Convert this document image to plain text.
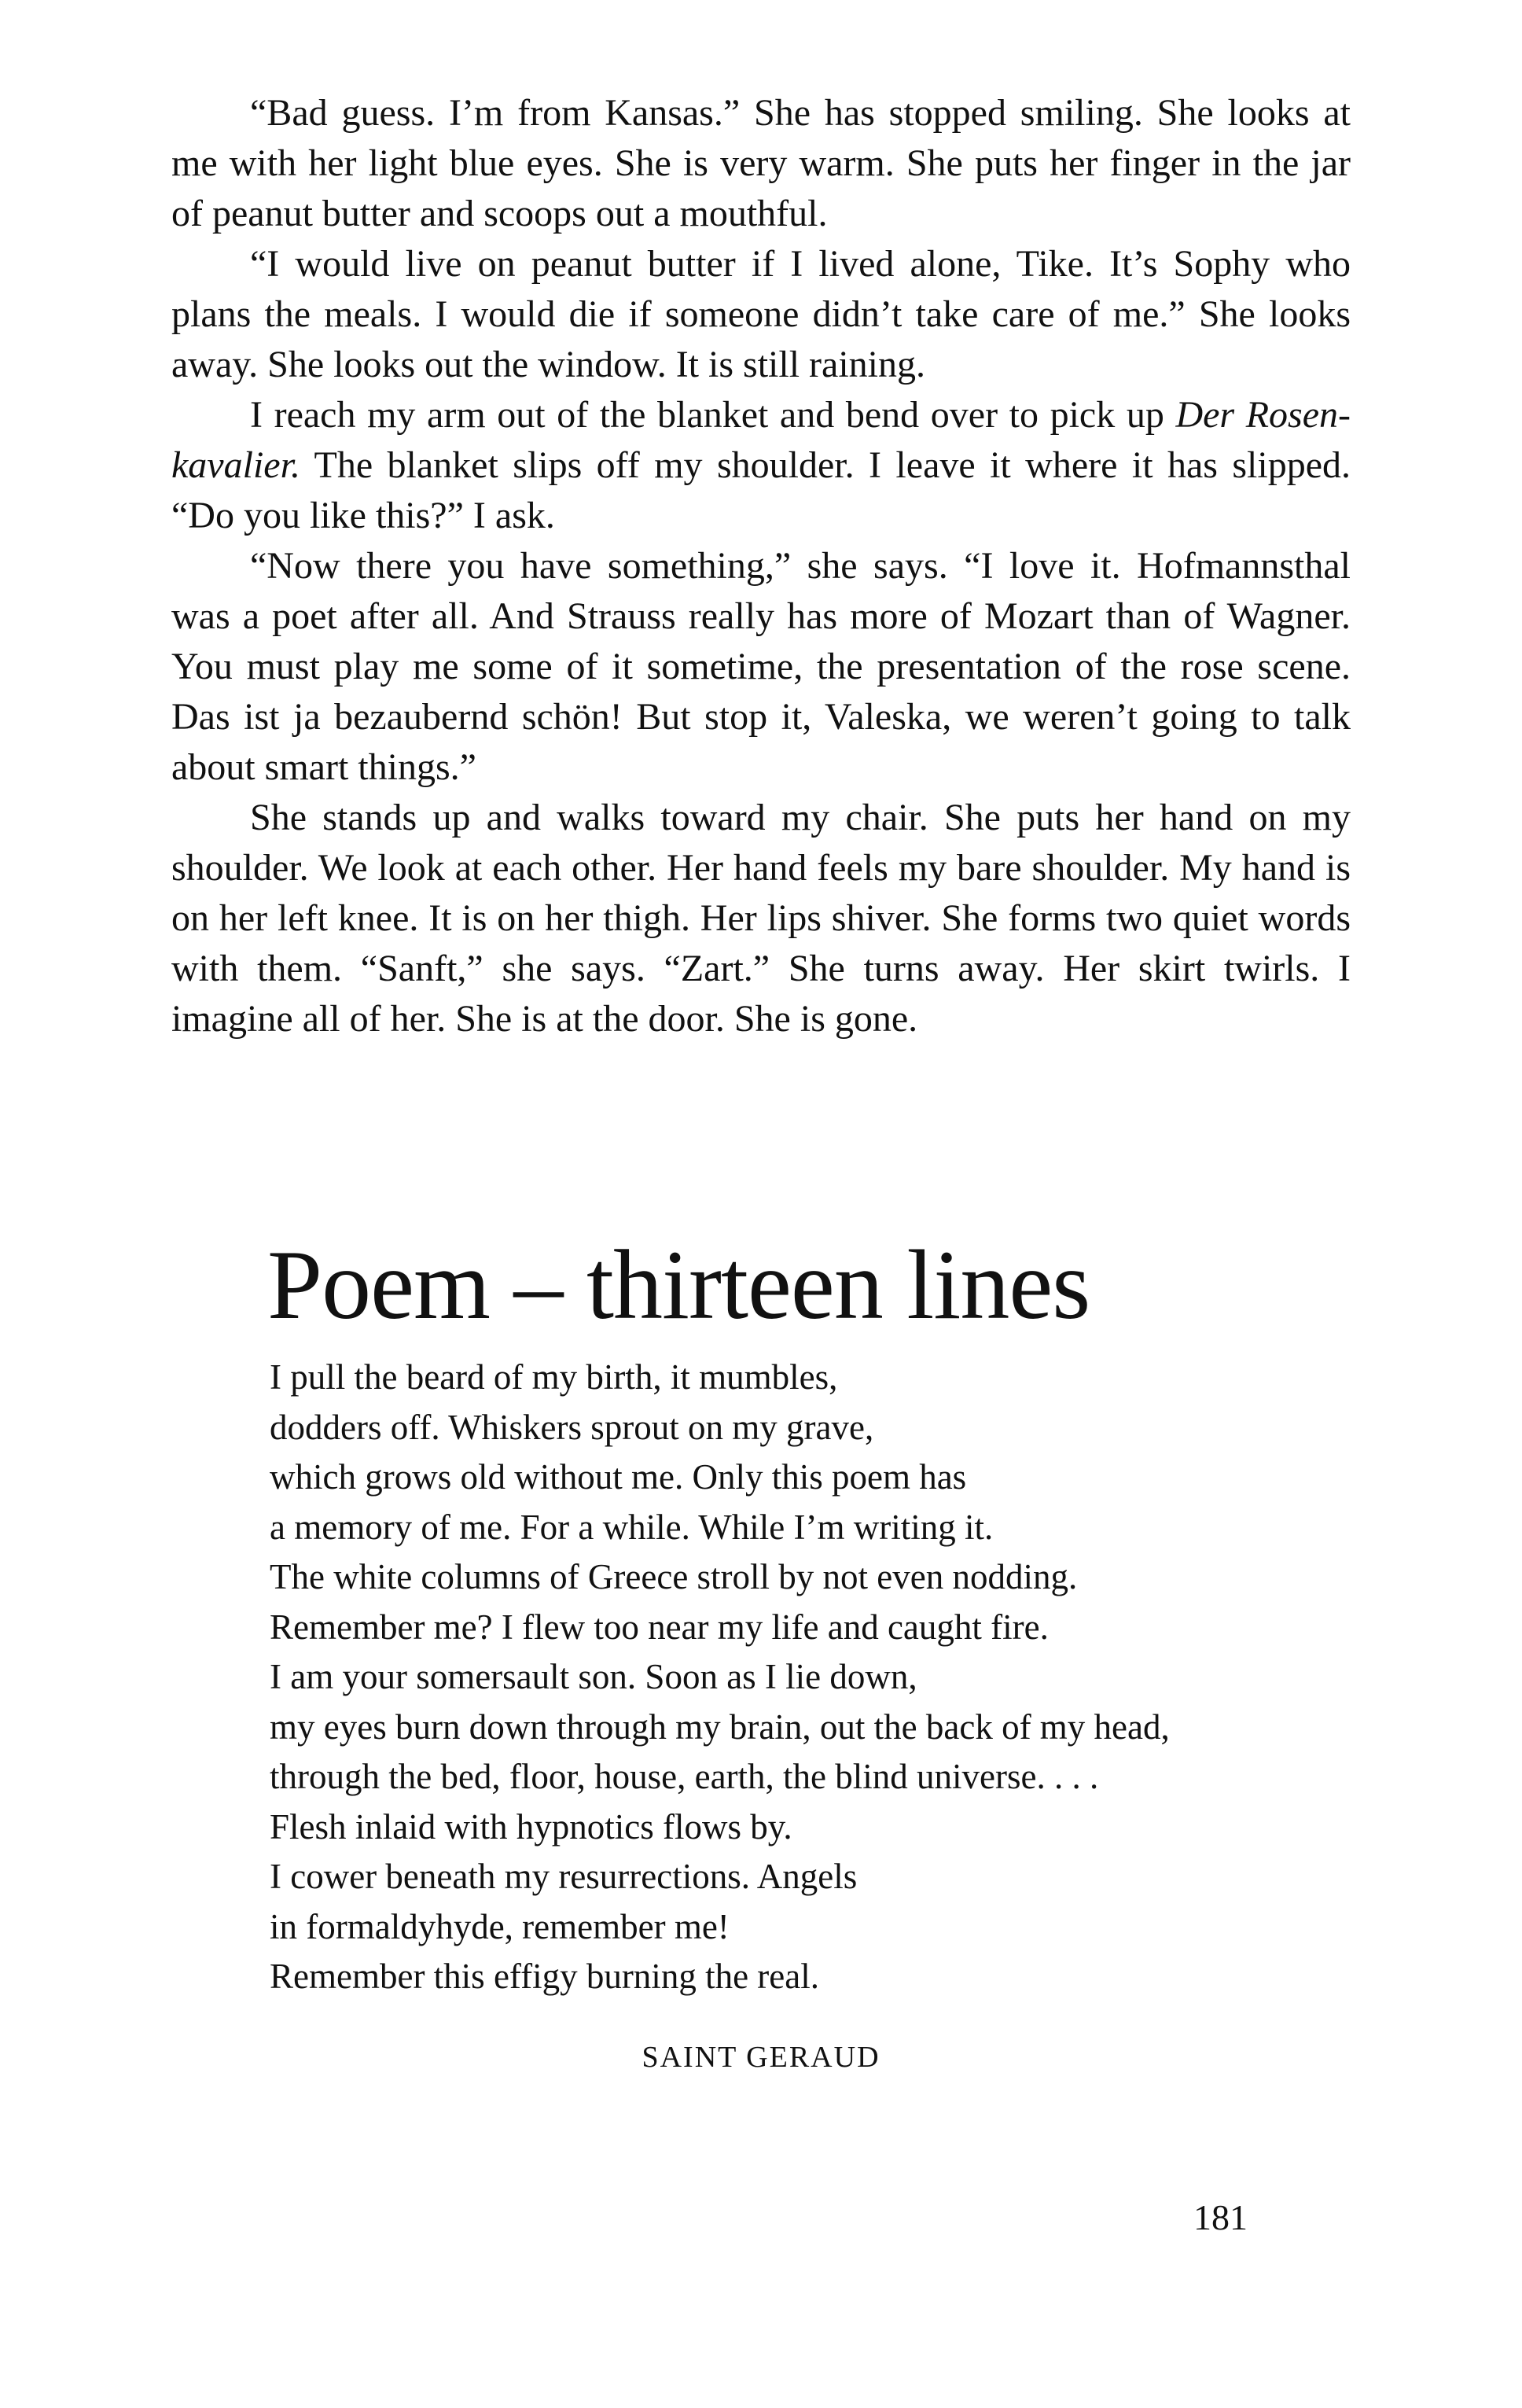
“Bad guess. I’m from Kansas.” She has stopped smiling. She looks at me with her light blue eyes. She is very warm. She puts her finger in the jar of peanut butter and scoops out a mouthful.

“I would live on peanut butter if I lived alone, Tike. It’s Sophy who plans the meals. I would die if someone didn’t take care of me.” She looks away. She looks out the window. It is still raining.

I reach my arm out of the blanket and bend over to pick up Der Rosenkavalier. The blanket slips off my shoulder. I leave it where it has slipped. “Do you like this?” I ask.

“Now there you have something,” she says. “I love it. Hofmannsthal was a poet after all. And Strauss really has more of Mozart than of Wagner. You must play me some of it sometime, the presentation of the rose scene. Das ist ja bezaubernd schön! But stop it, Valeska, we weren’t going to talk about smart things.”

She stands up and walks toward my chair. She puts her hand on my shoulder. We look at each other. Her hand feels my bare shoulder. My hand is on her left knee. It is on her thigh. Her lips shiver. She forms two quiet words with them. “Sanft,” she says. “Zart.” She turns away. Her skirt twirls. I imagine all of her. She is at the door. She is gone.

Poem – thirteen lines
I pull the beard of my birth, it mumbles,
dodders off. Whiskers sprout on my grave,
which grows old without me. Only this poem has
a memory of me. For a while. While I’m writing it.
The white columns of Greece stroll by not even nodding.
Remember me? I flew too near my life and caught fire.
I am your somersault son. Soon as I lie down,
my eyes burn down through my brain, out the back of my head,
through the bed, floor, house, earth, the blind universe. . . .
Flesh inlaid with hypnotics flows by.
I cower beneath my resurrections. Angels
in formaldyhyde, remember me!
Remember this effigy burning the real.
SAINT GERAUD
181
